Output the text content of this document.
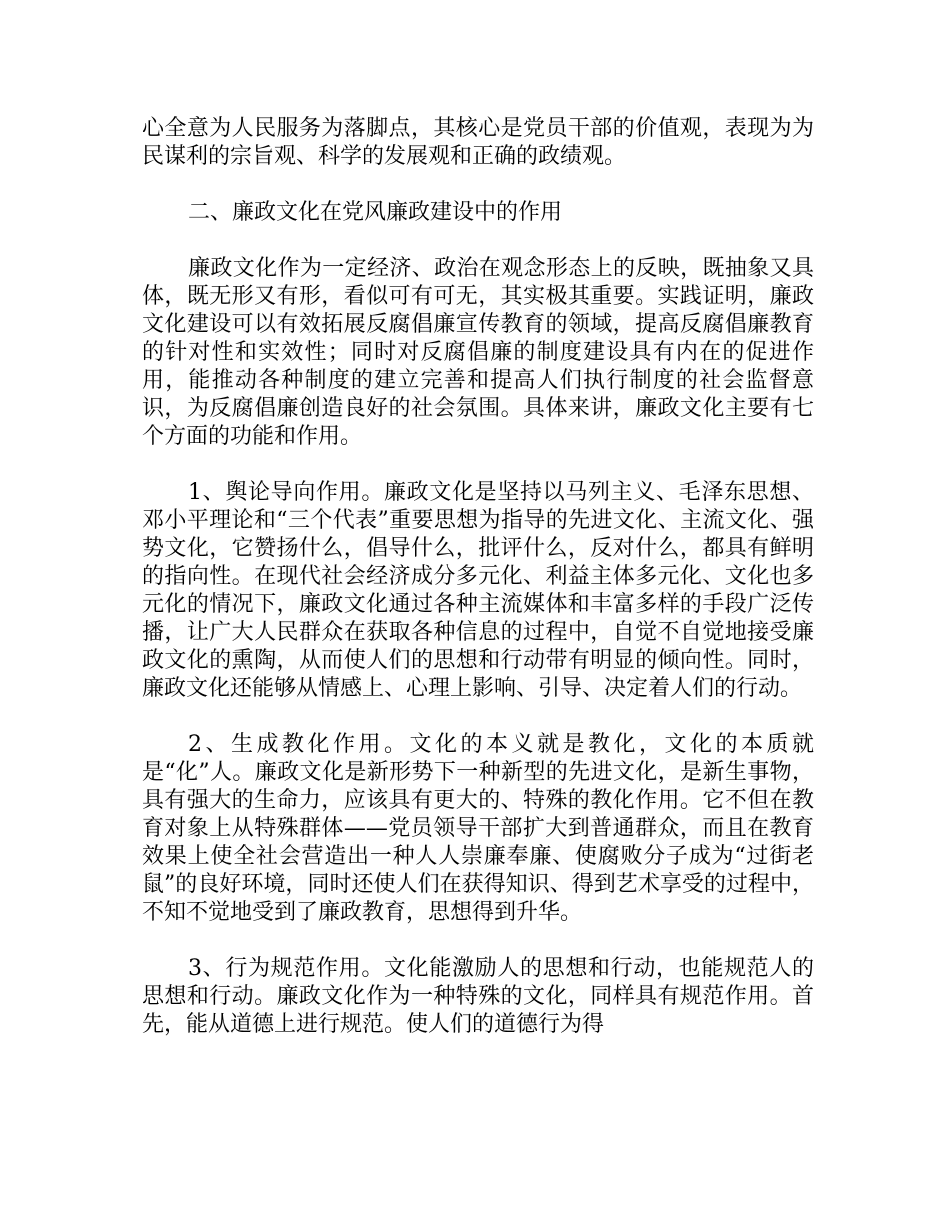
心全意为人民服务为落脚点，其核心是党员干部的价值观，表现为为民谋利的宗旨观、科学的发展观和正确的政绩观。

二、廉政文化在党风廉政建设中的作用

廉政文化作为一定经济、政治在观念形态上的反映，既抽象又具体，既无形又有形，看似可有可无，其实极其重要。实践证明，廉政文化建设可以有效拓展反腐倡廉宣传教育的领域，提高反腐倡廉教育的针对性和实效性；同时对反腐倡廉的制度建设具有内在的促进作用，能推动各种制度的建立完善和提高人们执行制度的社会监督意识，为反腐倡廉创造良好的社会氛围。具体来讲，廉政文化主要有七个方面的功能和作用。

1、舆论导向作用。廉政文化是坚持以马列主义、毛泽东思想、邓小平理论和“三个代表”重要思想为指导的先进文化、主流文化、强势文化，它赞扬什么，倡导什么，批评什么，反对什么，都具有鲜明的指向性。在现代社会经济成分多元化、利益主体多元化、文化也多元化的情况下，廉政文化通过各种主流媒体和丰富多样的手段广泛传播，让广大人民群众在获取各种信息的过程中，自觉不自觉地接受廉政文化的熏陶，从而使人们的思想和行动带有明显的倾向性。同时，廉政文化还能够从情感上、心理上影响、引导、决定着人们的行动。

2、生成教化作用。文化的本义就是教化，文化的本质就是“化”人。廉政文化是新形势下一种新型的先进文化，是新生事物，具有强大的生命力，应该具有更大的、特殊的教化作用。它不但在教育对象上从特殊群体——党员领导干部扩大到普通群众，而且在教育效果上使全社会营造出一种人人崇廉奉廉、使腐败分子成为“过街老鼠”的良好环境，同时还使人们在获得知识、得到艺术享受的过程中，不知不觉地受到了廉政教育，思想得到升华。

3、行为规范作用。文化能激励人的思想和行动，也能规范人的思想和行动。廉政文化作为一种特殊的文化，同样具有规范作用。首先，能从道德上进行规范。使人们的道德行为得
